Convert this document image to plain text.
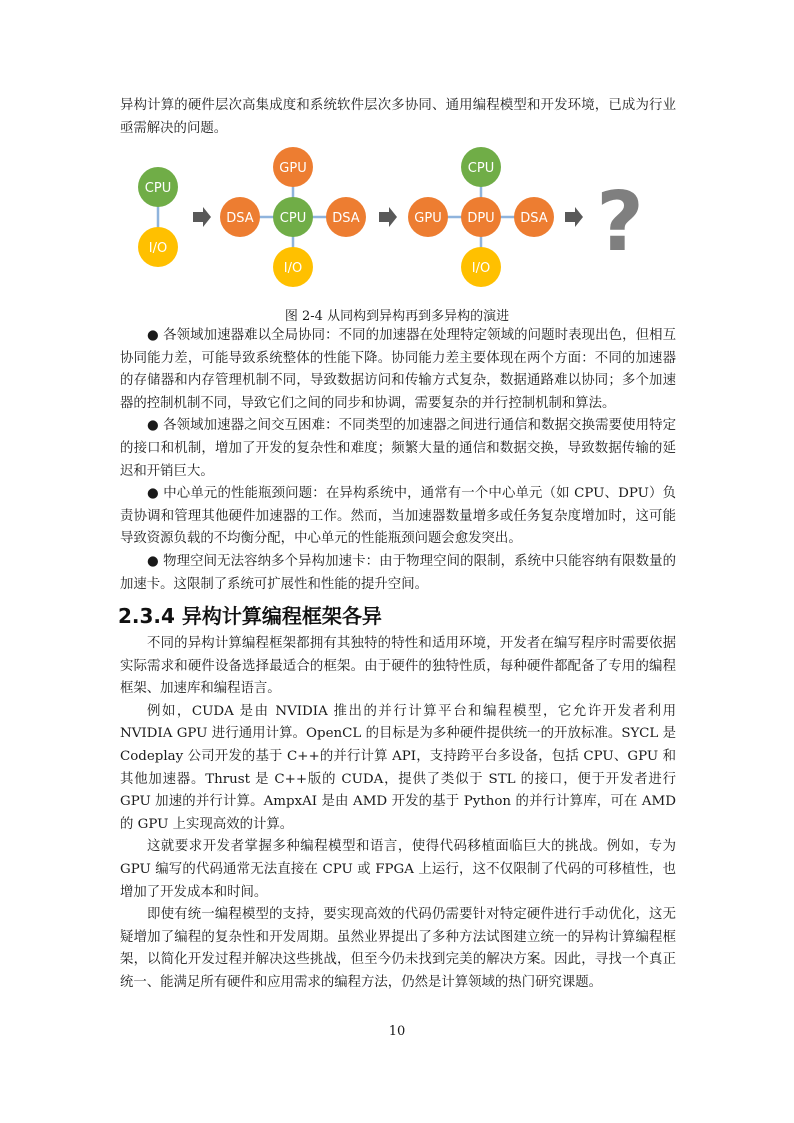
异构计算的硬件层次高集成度和系统软件层次多协同、通用编程模型和开发环境，已成为行业亟需解决的问题。

CPU
I/O
GPU
DSA CPU DSA
I/O
CPU
GPU DPU DSA
I/O ?
图 2-4 从同构到异构再到多异构的演进

● 各领域加速器难以全局协同：不同的加速器在处理特定领域的问题时表现出色，但相互协同能力差，可能导致系统整体的性能下降。协同能力差主要体现在两个方面：不同的加速器的存储器和内存管理机制不同，导致数据访问和传输方式复杂，数据通路难以协同；多个加速器的控制机制不同，导致它们之间的同步和协调，需要复杂的并行控制机制和算法。

● 各领域加速器之间交互困难：不同类型的加速器之间进行通信和数据交换需要使用特定的接口和机制，增加了开发的复杂性和难度；频繁大量的通信和数据交换，导致数据传输的延迟和开销巨大。

● 中心单元的性能瓶颈问题：在异构系统中，通常有一个中心单元（如 CPU、DPU）负责协调和管理其他硬件加速器的工作。然而，当加速器数量增多或任务复杂度增加时，这可能导致资源负载的不均衡分配，中心单元的性能瓶颈问题会愈发突出。

● 物理空间无法容纳多个异构加速卡：由于物理空间的限制，系统中只能容纳有限数量的加速卡。这限制了系统可扩展性和性能的提升空间。

2.3.4 异构计算编程框架各异

不同的异构计算编程框架都拥有其独特的特性和适用环境，开发者在编写程序时需要依据实际需求和硬件设备选择最适合的框架。由于硬件的独特性质，每种硬件都配备了专用的编程框架、加速库和编程语言。

例如，CUDA 是由 NVIDIA 推出的并行计算平台和编程模型，它允许开发者利用 NVIDIA GPU 进行通用计算。OpenCL 的目标是为多种硬件提供统一的开放标准。SYCL 是 Codeplay 公司开发的基于 C++的并行计算 API，支持跨平台多设备，包括 CPU、GPU 和其他加速器。Thrust 是 C++版的 CUDA，提供了类似于 STL 的接口，便于开发者进行 GPU 加速的并行计算。AmpxAI 是由 AMD 开发的基于 Python 的并行计算库，可在 AMD 的 GPU 上实现高效的计算。

这就要求开发者掌握多种编程模型和语言，使得代码移植面临巨大的挑战。例如，专为 GPU 编写的代码通常无法直接在 CPU 或 FPGA 上运行，这不仅限制了代码的可移植性，也增加了开发成本和时间。

即使有统一编程模型的支持，要实现高效的代码仍需要针对特定硬件进行手动优化，这无疑增加了编程的复杂性和开发周期。虽然业界提出了多种方法试图建立统一的异构计算编程框架，以简化开发过程并解决这些挑战，但至今仍未找到完美的解决方案。因此，寻找一个真正统一、能满足所有硬件和应用需求的编程方法，仍然是计算领域的热门研究课题。

10
